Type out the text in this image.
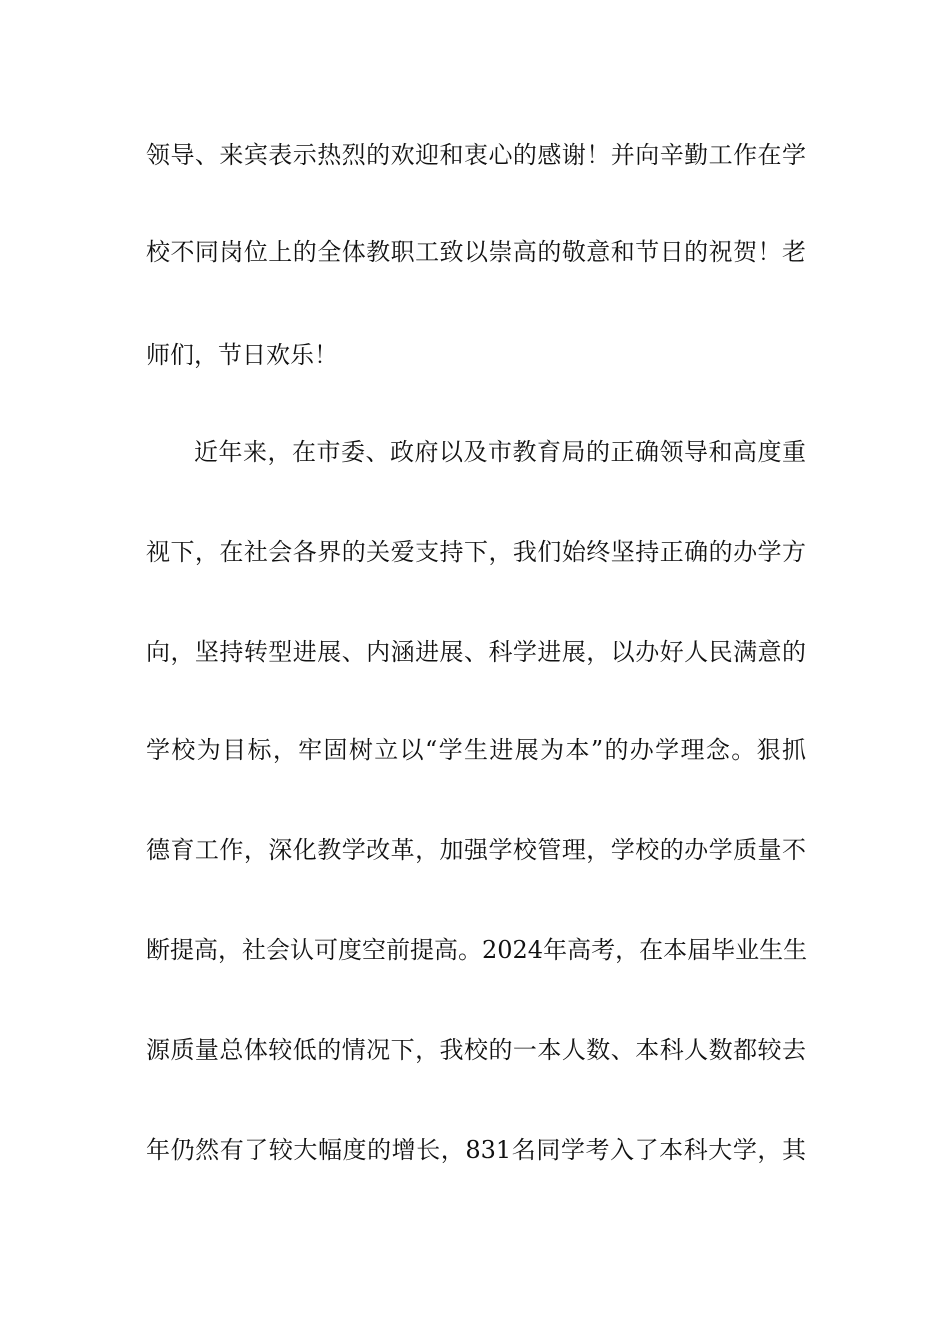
领导、来宾表示热烈的欢迎和衷心的感谢！并向辛勤工作在学
校不同岗位上的全体教职工致以崇高的敬意和节日的祝贺！老
师们，节日欢乐！
近年来，在市委、政府以及市教育局的正确领导和高度重
视下，在社会各界的关爱支持下，我们始终坚持正确的办学方
向，坚持转型进展、内涵进展、科学进展，以办好人民满意的
学校为目标，牢固树立以“学生进展为本”的办学理念。狠抓
德育工作，深化教学改革，加强学校管理，学校的办学质量不
断提高，社会认可度空前提高。2024年高考，在本届毕业生生
源质量总体较低的情况下，我校的一本人数、本科人数都较去
年仍然有了较大幅度的增长，831名同学考入了本科大学，其
